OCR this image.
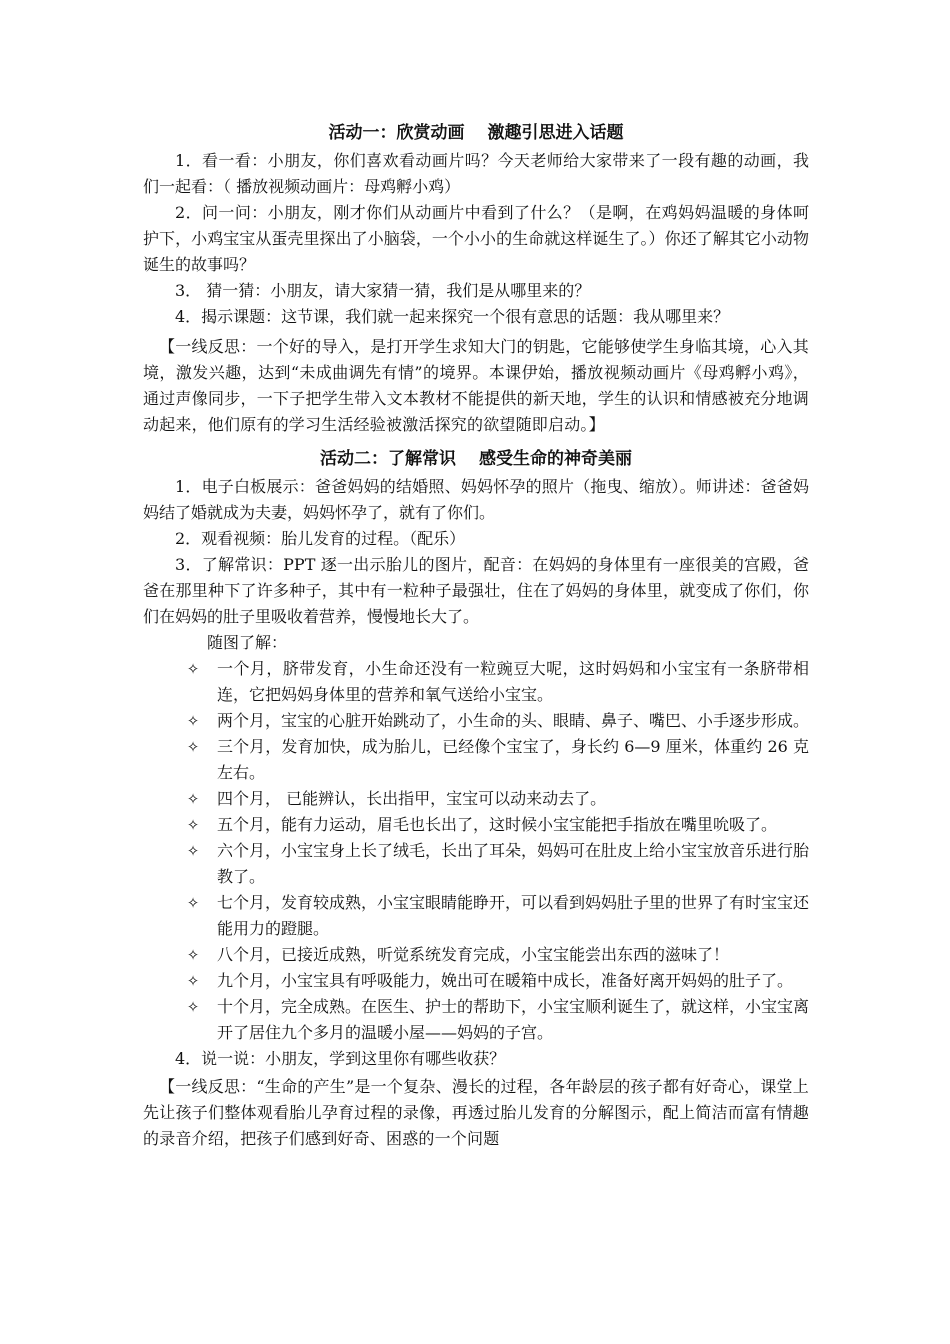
活动一：欣赏动画　 激趣引思进入话题

1．看一看：小朋友，你们喜欢看动画片吗？今天老师给大家带来了一段有趣的动画，我们一起看：（ 播放视频动画片：母鸡孵小鸡）

2．问一问：小朋友，刚才你们从动画片中看到了什么？（是啊，在鸡妈妈温暖的身体呵护下，小鸡宝宝从蛋壳里探出了小脑袋，一个小小的生命就这样诞生了。）你还了解其它小动物诞生的故事吗？

3． 猜一猜：小朋友，请大家猜一猜，我们是从哪里来的？

4．揭示课题：这节课，我们就一起来探究一个很有意思的话题：我从哪里来？

【一线反思：一个好的导入，是打开学生求知大门的钥匙，它能够使学生身临其境，心入其境，激发兴趣，达到“未成曲调先有情”的境界。本课伊始，播放视频动画片《母鸡孵小鸡》，通过声像同步，一下子把学生带入文本教材不能提供的新天地，学生的认识和情感被充分地调动起来，他们原有的学习生活经验被激活探究的欲望随即启动。】

活动二：了解常识　 感受生命的神奇美丽

1．电子白板展示：爸爸妈妈的结婚照、妈妈怀孕的照片（拖曳、缩放）。师讲述：爸爸妈妈结了婚就成为夫妻，妈妈怀孕了，就有了你们。

2．观看视频：胎儿发育的过程。（配乐）

3．了解常识：PPT 逐一出示胎儿的图片，配音：在妈妈的身体里有一座很美的宫殿，爸爸在那里种下了许多种子，其中有一粒种子最强壮，住在了妈妈的身体里，就变成了你们，你们在妈妈的肚子里吸收着营养，慢慢地长大了。

随图了解：

✧ 一个月，脐带发育，小生命还没有一粒豌豆大呢，这时妈妈和小宝宝有一条脐带相连，它把妈妈身体里的营养和氧气送给小宝宝。
✧ 两个月，宝宝的心脏开始跳动了，小生命的头、眼睛、鼻子、嘴巴、小手逐步形成。
✧ 三个月，发育加快，成为胎儿，已经像个宝宝了，身长约 6—9 厘米，体重约 26 克左右。
✧ 四个月， 已能辨认，长出指甲，宝宝可以动来动去了。
✧ 五个月，能有力运动，眉毛也长出了，这时候小宝宝能把手指放在嘴里吮吸了。
✧ 六个月，小宝宝身上长了绒毛，长出了耳朵，妈妈可在肚皮上给小宝宝放音乐进行胎教了。
✧ 七个月，发育较成熟，小宝宝眼睛能睁开，可以看到妈妈肚子里的世界了有时宝宝还能用力的蹬腿。
✧ 八个月，已接近成熟，听觉系统发育完成，小宝宝能尝出东西的滋味了！
✧ 九个月，小宝宝具有呼吸能力，娩出可在暖箱中成长，准备好离开妈妈的肚子了。
✧ 十个月，完全成熟。在医生、护士的帮助下，小宝宝顺利诞生了，就这样，小宝宝离开了居住九个多月的温暖小屋——妈妈的子宫。

4．说一说：小朋友，学到这里你有哪些收获？

【一线反思：“生命的产生”是一个复杂、漫长的过程，各年龄层的孩子都有好奇心，课堂上先让孩子们整体观看胎儿孕育过程的录像，再透过胎儿发育的分解图示，配上简洁而富有情趣的录音介绍，把孩子们感到好奇、困惑的一个问题
